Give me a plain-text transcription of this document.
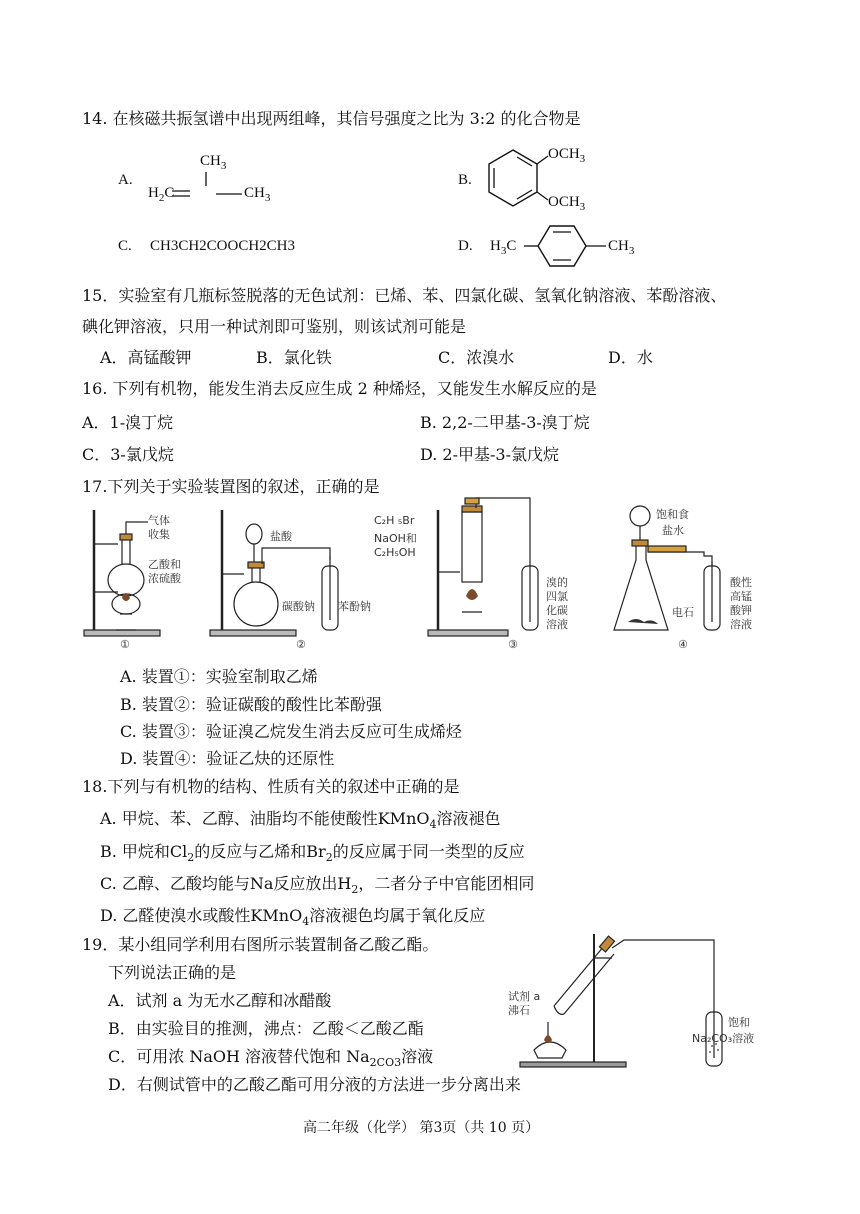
14. 在核磁共振氢谱中出现两组峰，其信号强度之比为 3:2 的化合物是
A.
$CH_3$
$H_2C$	$CH_3$
B.
$OCH_3$
$OCH_3$
C. CH3CH2COOCH2CH3	D. $H_3C$	$CH_3$
15．实验室有几瓶标签脱落的无色试剂：已烯、苯、四氯化碳、氢氧化钠溶液、苯酚溶液、
碘化钾溶液，只用一种试剂即可鉴别，则该试剂可能是
A．高锰酸钾	B．氯化铁	C．浓溴水	D．水
16. 下列有机物，能发生消去反应生成 2 种烯烃，又能发生水解反应的是
A．1-溴丁烷	B. 2,2-二甲基-3-溴丁烷
C．3-氯戊烷	D. 2-甲基-3-氯戊烷
17.下列关于实验装置图的叙述，正确的是
气体
收集
乙酸和
浓硫酸
①
盐酸
碳酸钠 苯酚钠
②
C₂H ₅Br
NaOH和
C₂H₅OH
溴的
四氯
化碳
溶液
③
饱和食
盐水
电石
酸性
高锰
酸钾
溶液
④
A. 装置①：实验室制取乙烯
B. 装置②：验证碳酸的酸性比苯酚强
C. 装置③：验证溴乙烷发生消去反应可生成烯烃
D. 装置④：验证乙炔的还原性
18.下列与有机物的结构、性质有关的叙述中正确的是
A. 甲烷、苯、乙醇、油脂均不能使酸性KMnO$_4$溶液褪色
B. 甲烷和$Cl_2$的反应与乙烯和$Br_2$的反应属于同一类型的反应
C. 乙醇、乙酸均能与Na反应放出$H_2$，二者分子中官能团相同
D. 乙醛使溴水或酸性KMnO$_4$溶液褪色均属于氧化反应
19．某小组同学利用右图所示装置制备乙酸乙酯。
下列说法正确的是
A．试剂 a 为无水乙醇和冰醋酸
B．由实验目的推测，沸点：乙酸＜乙酸乙酯
C．可用浓 NaOH 溶液替代饱和 $Na_{2CO3}$溶液
D．右侧试管中的乙酸乙酯可用分液的方法进一步分离出来
试剂 a
沸石
饱和
Na₂CO₃溶液
高二年级（化学） 第3页（共 10 页）
